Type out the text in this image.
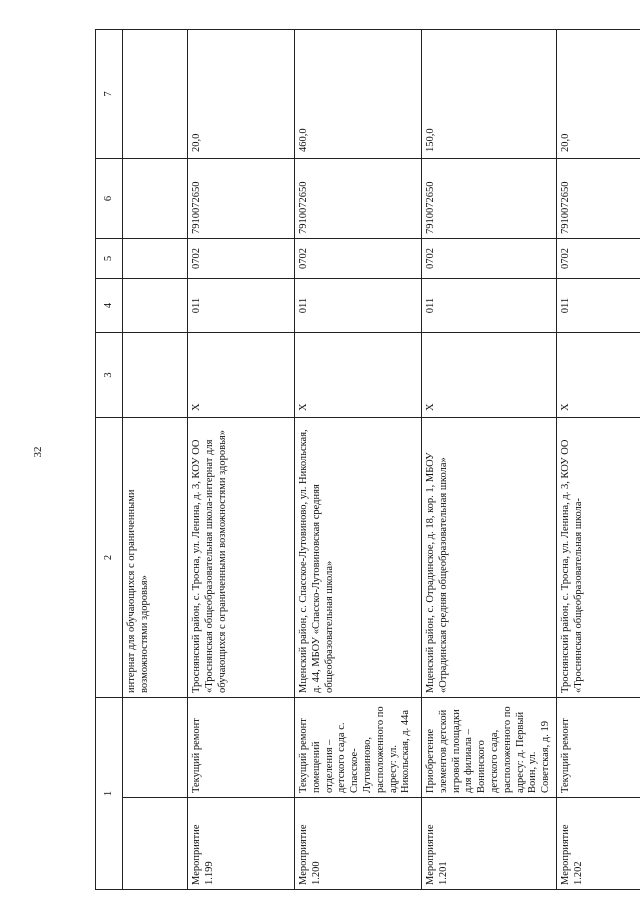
32
1		2	3	4	5	6	7
		интернат для обучающихся с ограниченными возможностями здоровья»					
Мероприятие 1.199	Текущий ремонт	Троснянский район, с. Тросна, ул. Ленина, д. 3, КОУ ОО «Троснянская общеобразовательная школа-интернат для обучающихся с ограниченными возможностями здоровья»	Х	011	0702	7910072650	20,0
Мероприятие 1.200	Текущий ремонт помещений отделения – детского сада с. Спасское-Лутовиново, расположенного по адресу: ул. Никольская, д. 44а	Мценский район, с. Спасское-Лутовиново, ул. Никольская, д. 44, МБОУ «Спасско-Лутовиновская средняя общеобразовательная школа»	Х	011	0702	7910072650	460,0
Мероприятие 1.201	Приобретение элементов детской игровой площадки для филиала – Вонинского детского сада, расположенного по адресу: д. Первый Воин, ул. Советская, д. 19	Мценский район, с. Отрадинское, д. 18, кор. 1, МБОУ «Отрадинская средняя общеобразовательная школа»	Х	011	0702	7910072650	150,0
Мероприятие 1.202	Текущий ремонт	Троснянский район, с. Тросна, ул. Ленина, д. 3, КОУ ОО «Троснянская общеобразовательная школа-	Х	011	0702	7910072650	20,0
